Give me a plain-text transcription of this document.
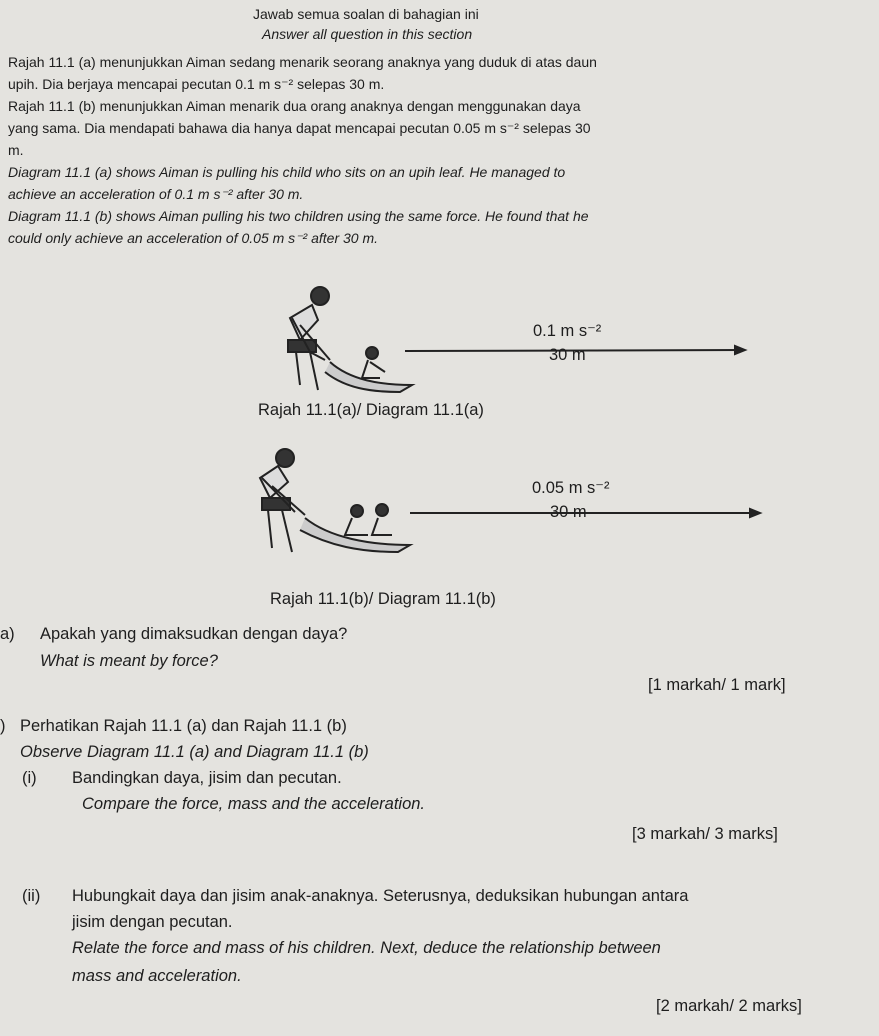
Jawab semua soalan di bahagian ini
Answer all question in this section
Rajah 11.1 (a) menunjukkan Aiman sedang menarik seorang anaknya yang duduk di atas daun
upih. Dia berjaya mencapai pecutan 0.1 m s⁻² selepas 30 m.
Rajah 11.1 (b) menunjukkan Aiman menarik dua orang anaknya dengan menggunakan daya
yang sama. Dia mendapati bahawa dia hanya dapat mencapai pecutan 0.05 m s⁻² selepas 30
m.
Diagram 11.1 (a) shows Aiman is pulling his child who sits on an upih leaf. He managed to
achieve an acceleration of 0.1 m s⁻² after 30 m.
Diagram 11.1 (b) shows Aiman pulling his two children using the same force. He found that he
could only achieve an acceleration of 0.05 m s⁻² after 30 m.
0.1 m s⁻²
30 m
Rajah 11.1(a)/ Diagram 11.1(a)
0.05 m s⁻²
30 m
Rajah 11.1(b)/ Diagram 11.1(b)
a) Apakah yang dimaksudkan dengan daya?
What is meant by force?
[1 markah/ 1 mark]
) Perhatikan Rajah 11.1 (a) dan Rajah 11.1 (b)
Observe Diagram 11.1 (a) and Diagram 11.1 (b)
(i) Bandingkan daya, jisim dan pecutan.
Compare the force, mass and the acceleration.
[3 markah/ 3 marks]
(ii) Hubungkait daya dan jisim anak-anaknya. Seterusnya, deduksikan hubungan antara
jisim dengan pecutan.
Relate the force and mass of his children. Next, deduce the relationship between
mass and acceleration.
[2 markah/ 2 marks]
